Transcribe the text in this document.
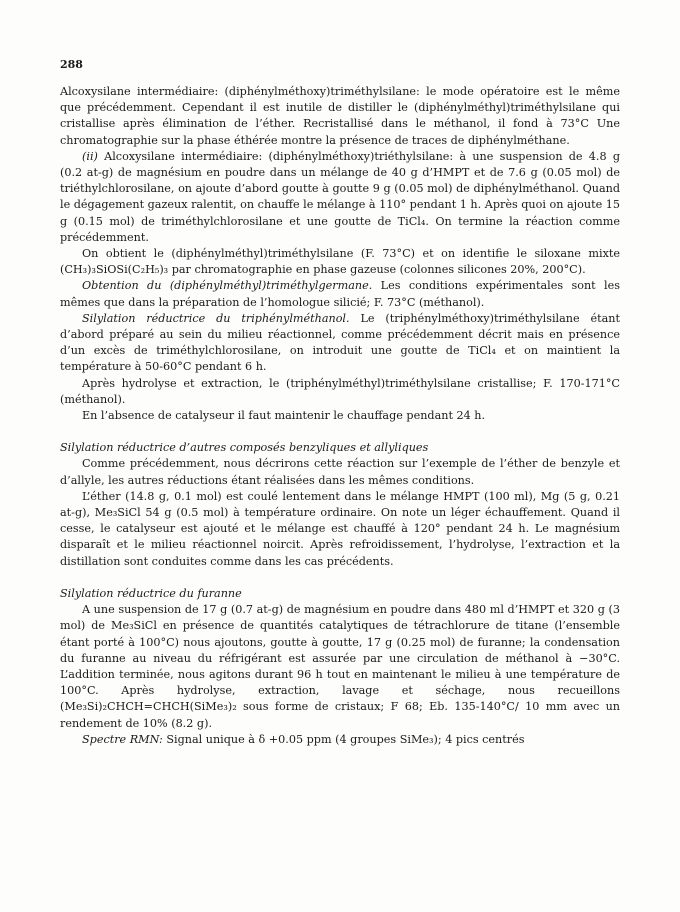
288

Alcoxysilane intermédiaire: (diphénylméthoxy)triméthylsilane: le mode opératoire est le même que précédemment. Cependant il est inutile de distiller le (diphénylméthyl)triméthylsilane qui cristallise après élimination de l’éther. Recristallisé dans le méthanol, il fond à 73°C Une chromatographie sur la phase éthérée montre la présence de traces de diphénylméthane.

(ii) Alcoxysilane intermédiaire: (diphénylméthoxy)triéthylsilane: à une suspension de 4.8 g (0.2 at-g) de magnésium en poudre dans un mélange de 40 g d’HMPT et de 7.6 g (0.05 mol) de triéthylchlorosilane, on ajoute d’abord goutte à goutte 9 g (0.05 mol) de diphénylméthanol. Quand le dégagement gazeux ralentit, on chauffe le mélange à 110° pendant 1 h. Après quoi on ajoute 15 g (0.15 mol) de triméthylchlorosilane et une goutte de TiCl₄. On termine la réaction comme précédemment.

On obtient le (diphénylméthyl)triméthylsilane (F. 73°C) et on identifie le siloxane mixte (CH₃)₃SiOSi(C₂H₅)₃ par chromatographie en phase gazeuse (colonnes silicones 20%, 200°C).

Obtention du (diphénylméthyl)triméthylgermane. Les conditions expérimentales sont les mêmes que dans la préparation de l’homologue silicié; F. 73°C (méthanol).

Silylation réductrice du triphénylméthanol. Le (triphénylméthoxy)triméthylsilane étant d’abord préparé au sein du milieu réactionnel, comme précédemment décrit mais en présence d’un excès de triméthylchlorosilane, on introduit une goutte de TiCl₄ et on maintient la température à 50-60°C pendant 6 h.

Après hydrolyse et extraction, le (triphénylméthyl)triméthylsilane cristallise; F. 170-171°C (méthanol).

En l’absence de catalyseur il faut maintenir le chauffage pendant 24 h.

Silylation réductrice d’autres composés benzyliques et allyliques

Comme précédemment, nous décrirons cette réaction sur l’exemple de l’éther de benzyle et d’allyle, les autres réductions étant réalisées dans les mêmes conditions.

L’éther (14.8 g, 0.1 mol) est coulé lentement dans le mélange HMPT (100 ml), Mg (5 g, 0.21 at-g), Me₃SiCl 54 g (0.5 mol) à température ordinaire. On note un léger échauffement. Quand il cesse, le catalyseur est ajouté et le mélange est chauffé à 120° pendant 24 h. Le magnésium disparaît et le milieu réactionnel noircit. Après refroidissement, l’hydrolyse, l’extraction et la distillation sont conduites comme dans les cas précédents.

Silylation réductrice du furanne

A une suspension de 17 g (0.7 at-g) de magnésium en poudre dans 480 ml d’HMPT et 320 g (3 mol) de Me₃SiCl en présence de quantités catalytiques de tétrachlorure de titane (l’ensemble étant porté à 100°C) nous ajoutons, goutte à goutte, 17 g (0.25 mol) de furanne; la condensation du furanne au niveau du réfrigérant est assurée par une circulation de méthanol à −30°C. L’addition terminée, nous agitons durant 96 h tout en maintenant le milieu à une température de 100°C. Après hydrolyse, extraction, lavage et séchage, nous recueillons (Me₃Si)₂CHCH=CHCH(SiMe₃)₂ sous forme de cristaux; F 68; Eb. 135-140°C/ 10 mm avec un rendement de 10% (8.2 g).

Spectre RMN: Signal unique à δ +0.05 ppm (4 groupes SiMe₃); 4 pics centrés
